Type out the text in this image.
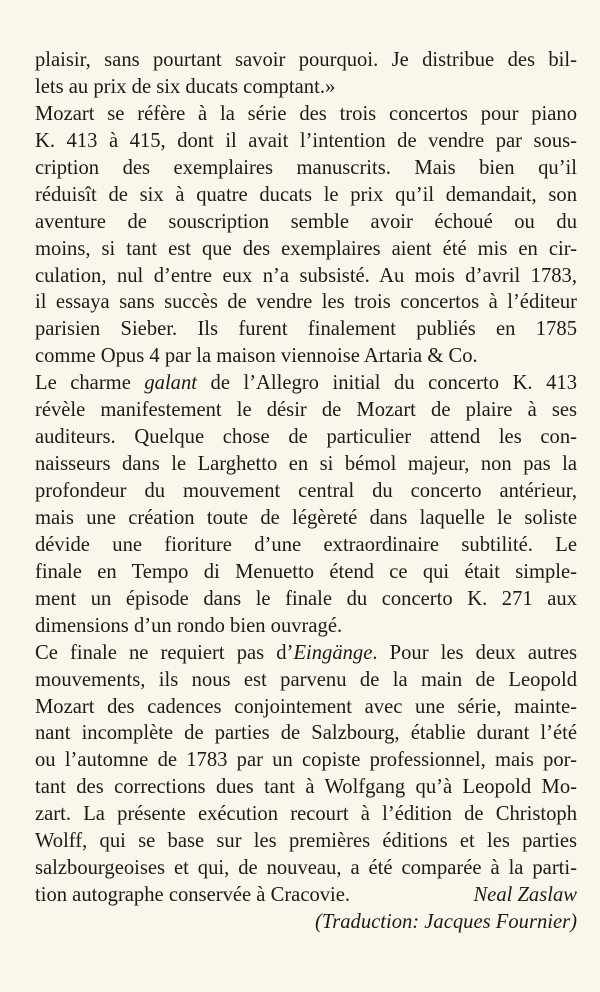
plaisir, sans pourtant savoir pourquoi. Je distribue des bil-
lets au prix de six ducats comptant.»
Mozart se réfère à la série des trois concertos pour piano
K. 413 à 415, dont il avait l’intention de vendre par sous-
cription des exemplaires manuscrits. Mais bien qu’il
réduisît de six à quatre ducats le prix qu’il demandait, son
aventure de souscription semble avoir échoué ou du
moins, si tant est que des exemplaires aient été mis en cir-
culation, nul d’entre eux n’a subsisté. Au mois d’avril 1783,
il essaya sans succès de vendre les trois concertos à l’éditeur
parisien Sieber. Ils furent finalement publiés en 1785
comme Opus 4 par la maison viennoise Artaria & Co.
Le charme galant de l’Allegro initial du concerto K. 413
révèle manifestement le désir de Mozart de plaire à ses
auditeurs. Quelque chose de particulier attend les con-
naisseurs dans le Larghetto en si bémol majeur, non pas la
profondeur du mouvement central du concerto antérieur,
mais une création toute de légèreté dans laquelle le soliste
dévide une fioriture d’une extraordinaire subtilité. Le
finale en Tempo di Menuetto étend ce qui était simple-
ment un épisode dans le finale du concerto K. 271 aux
dimensions d’un rondo bien ouvragé.
Ce finale ne requiert pas d’Eingänge. Pour les deux autres
mouvements, ils nous est parvenu de la main de Leopold
Mozart des cadences conjointement avec une série, mainte-
nant incomplète de parties de Salzbourg, établie durant l’été
ou l’automne de 1783 par un copiste professionnel, mais por-
tant des corrections dues tant à Wolfgang qu’à Leopold Mo-
zart. La présente exécution recourt à l’édition de Christoph
Wolff, qui se base sur les premières éditions et les parties
salzbourgeoises et qui, de nouveau, a été comparée à la parti-
tion autographe conservée à Cracovie.	Neal Zaslaw
(Traduction: Jacques Fournier)
